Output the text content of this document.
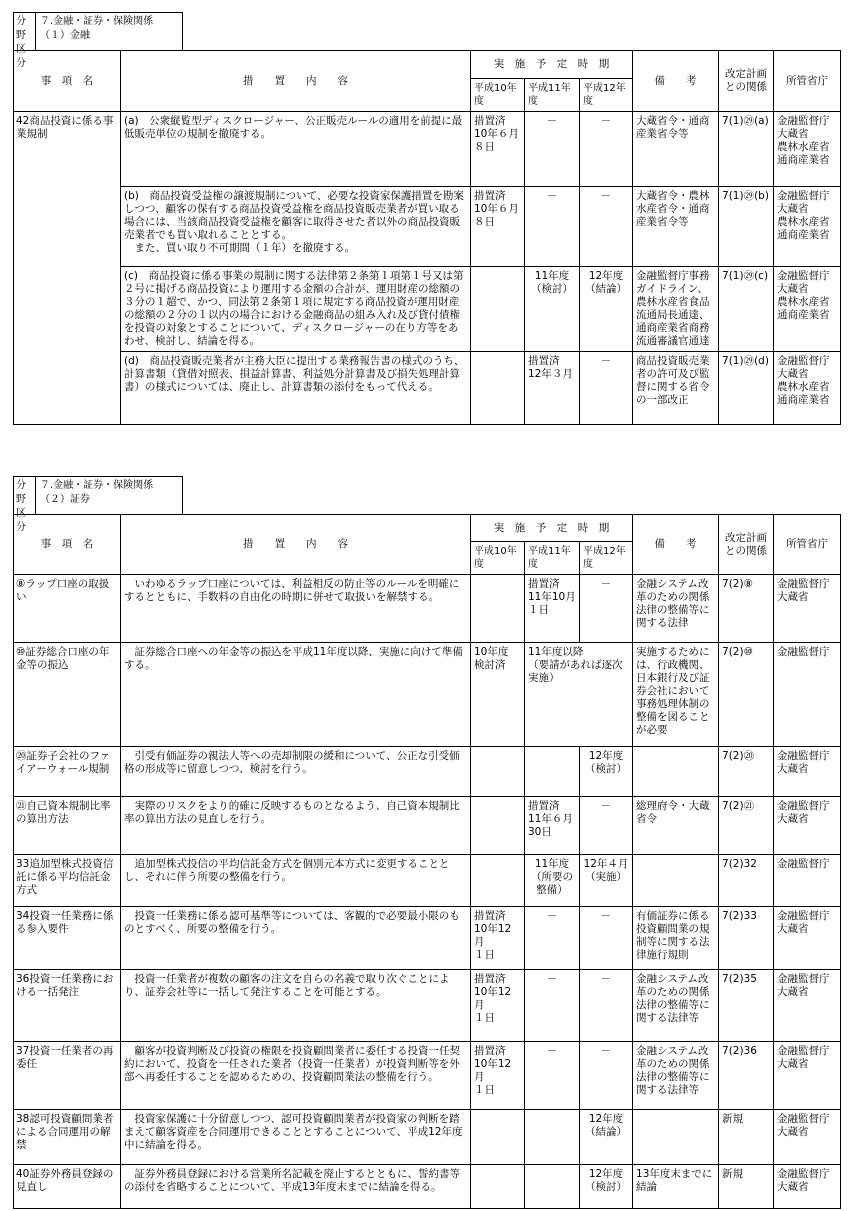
分野区分
７.金融・証券・保険関係
（１）金融
事　項　名	措　　置　　内　　容	実　施　予　定　時　期			備　　考	改定計画との関係	所管省庁
		平成10年度	平成11年度	平成12年度			
42商品投資に係る事業規制	(a)　公衆縦覧型ディスクロージャー、公正販売ルールの適用を前提に最低販売単位の規制を撤廃する。	措置済
10年６月
８日	－	－	大蔵省令・通商産業省令等	7(1)㉙(a)	金融監督庁
大蔵省
農林水産省
通商産業省
	(b)　商品投資受益権の譲渡規制について、必要な投資家保護措置を勘案しつつ、顧客の保有する商品投資受益権を商品投資販売業者が買い取る場合には、当該商品投資受益権を顧客に取得させた者以外の商品投資販売業者でも買い取れることとする。
　また、買い取り不可期間（１年）を撤廃する。	措置済
10年６月
８日	－	－	大蔵省令・農林水産省令・通商産業省令等	7(1)㉙(b)	金融監督庁
大蔵省
農林水産省
通商産業省
	(c)　商品投資に係る事業の規制に関する法律第２条第１項第１号又は第２号に掲げる商品投資により運用する金額の合計が、運用財産の総額の３分の１超で、かつ、同法第２条第１項に規定する商品投資が運用財産の総額の２分の１以内の場合における金融商品の組み入れ及び貸付債権を投資の対象とすることについて、ディスクロージャーの在り方等をあわせ、検討し、結論を得る。		11年度
（検討）	12年度
（結論）	金融監督庁事務ガイドライン、農林水産省食品流通局長通達、通商産業省商務流通審議官通達	7(1)㉙(c)	金融監督庁
大蔵省
農林水産省
通商産業省
	(d)　商品投資販売業者が主務大臣に提出する業務報告書の様式のうち、計算書類（貸借対照表、損益計算書、利益処分計算書及び損失処理計算書）の様式については、廃止し、計算書類の添付をもって代える。		措置済
12年３月	－	商品投資販売業者の許可及び監督に関する省令の一部改正	7(1)㉙(d)	金融監督庁
大蔵省
農林水産省
通商産業省
分野区分
７.金融・証券・保険関係
（２）証券
事　項　名	措　　置　　内　　容	実　施　予　定　時　期			備　　考	改定計画との関係	所管省庁
		平成10年度	平成11年度	平成12年度			
⑧ラップ口座の取扱い	いわゆるラップ口座については、利益相反の防止等のルールを明確にするとともに、手数料の自由化の時期に併せて取扱いを解禁する。		措置済
11年10月
１日	－	金融システム改革のための関係法律の整備等に関する法律	7(2)⑧	金融監督庁
大蔵省
⑩証券総合口座の年金等の振込	証券総合口座への年金等の振込を平成11年度以降、実施に向けて準備する。	10年度
検討済	11年度以降
（要請があれば逐次実施）		実施するためには、行政機関、日本銀行及び証券会社において事務処理体制の整備を図ることが必要	7(2)⑩	金融監督庁
⑳証券子会社のファイアーウォール規制	引受有価証券の親法人等への売却制限の緩和について、公正な引受価格の形成等に留意しつつ、検討を行う。			12年度
（検討）		7(2)⑳	金融監督庁
大蔵省
㉑自己資本規制比率の算出方法	実際のリスクをより的確に反映するものとなるよう、自己資本規制比率の算出方法の見直しを行う。		措置済
11年６月
30日	－	総理府令・大蔵省令	7(2)㉑	金融監督庁
大蔵省
33追加型株式投資信託に係る平均信託金方式	追加型株式投信の平均信託金方式を個別元本方式に変更することとし、それに伴う所要の整備を行う。		11年度
（所要の整備）	12年４月
（実施）		7(2)32	金融監督庁
34投資一任業務に係る参入要件	投資一任業務に係る認可基準等については、客観的で必要最小限のものとすべく、所要の整備を行う。	措置済
10年12月
１日	－	－	有価証券に係る投資顧問業の規制等に関する法律施行規則	7(2)33	金融監督庁
大蔵省
36投資一任業務における一括発注	投資一任業者が複数の顧客の注文を自らの名義で取り次ぐことにより、証券会社等に一括して発注することを可能とする。	措置済
10年12月
１日	－	－	金融システム改革のための関係法律の整備等に関する法律等	7(2)35	金融監督庁
大蔵省
37投資一任業者の再委任	顧客が投資判断及び投資の権限を投資顧問業者に委任する投資一任契約において、投資を一任された業者（投資一任業者）が投資判断等を外部へ再委任することを認めるための、投資顧問業法の整備を行う。	措置済
10年12月
１日	－	－	金融システム改革のための関係法律の整備等に関する法律等	7(2)36	金融監督庁
大蔵省
38認可投資顧問業者による合同運用の解禁	投資家保護に十分留意しつつ、認可投資顧問業者が投資家の判断を踏まえて顧客資産を合同運用できることとすることについて、平成12年度中に結論を得る。			12年度
（結論）		新規	金融監督庁
大蔵省
40証券外務員登録の見直し	証券外務員登録における営業所名記載を廃止するとともに、誓約書等の添付を省略することについて、平成13年度末までに結論を得る。			12年度
（検討）	13年度末までに結論	新規	金融監督庁
大蔵省
